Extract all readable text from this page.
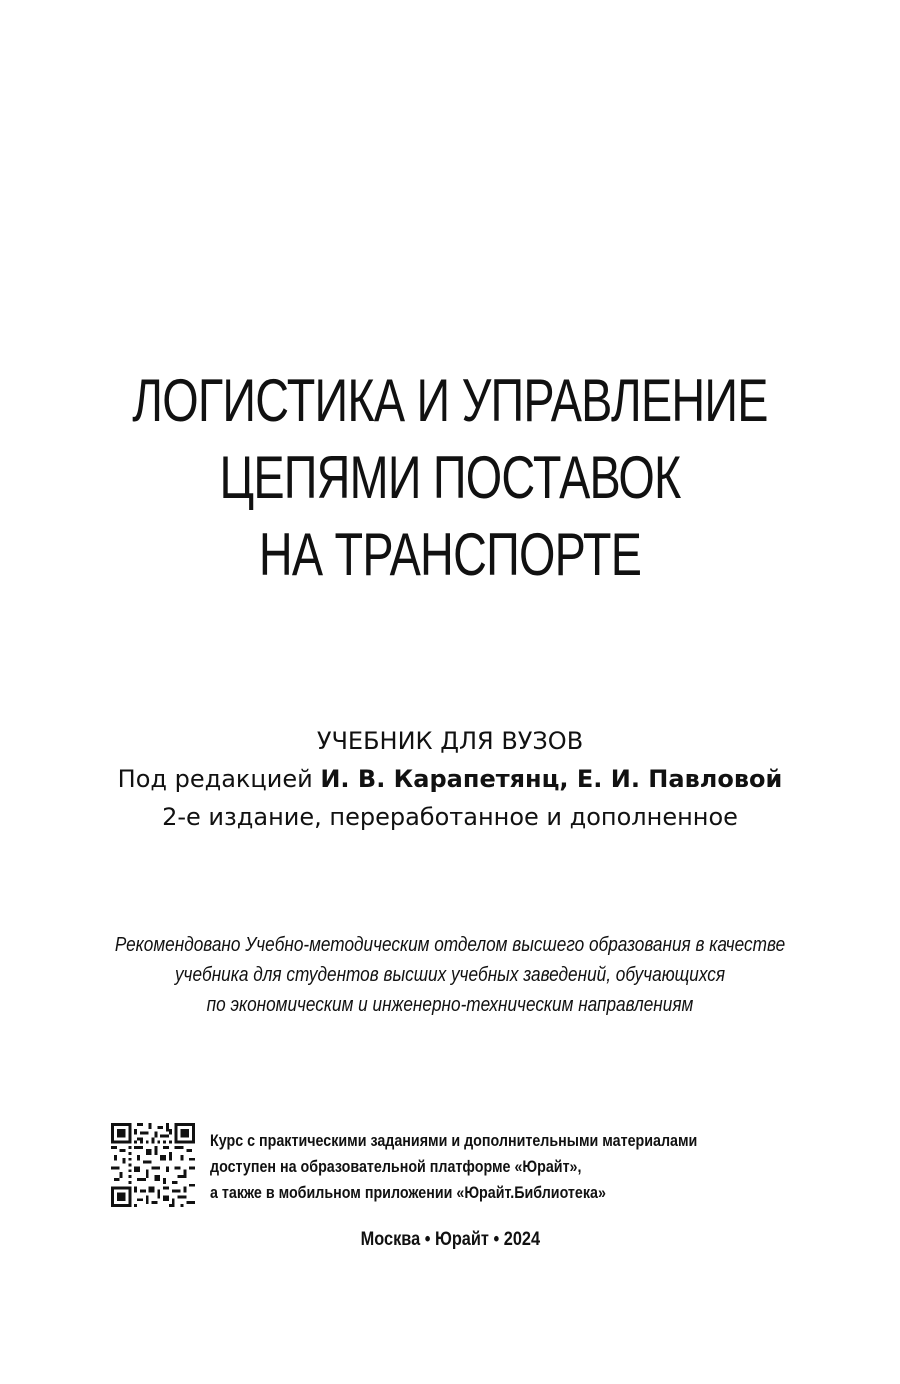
ЛОГИСТИКА И УПРАВЛЕНИЕ
ЦЕПЯМИ ПОСТАВОК
НА ТРАНСПОРТЕ
УЧЕБНИК ДЛЯ ВУЗОВ
Под редакцией И. В. Карапетянц, Е. И. Павловой
2-е издание, переработанное и дополненное
Рекомендовано Учебно-методическим отделом высшего образования в качестве
учебника для студентов высших учебных заведений, обучающихся
по экономическим и инженерно-техническим направлениям
Курс с практическими заданиями и дополнительными материалами
доступен на образовательной платформе «Юрайт»,
а также в мобильном приложении «Юрайт.Библиотека»
Москва • Юрайт • 2024
